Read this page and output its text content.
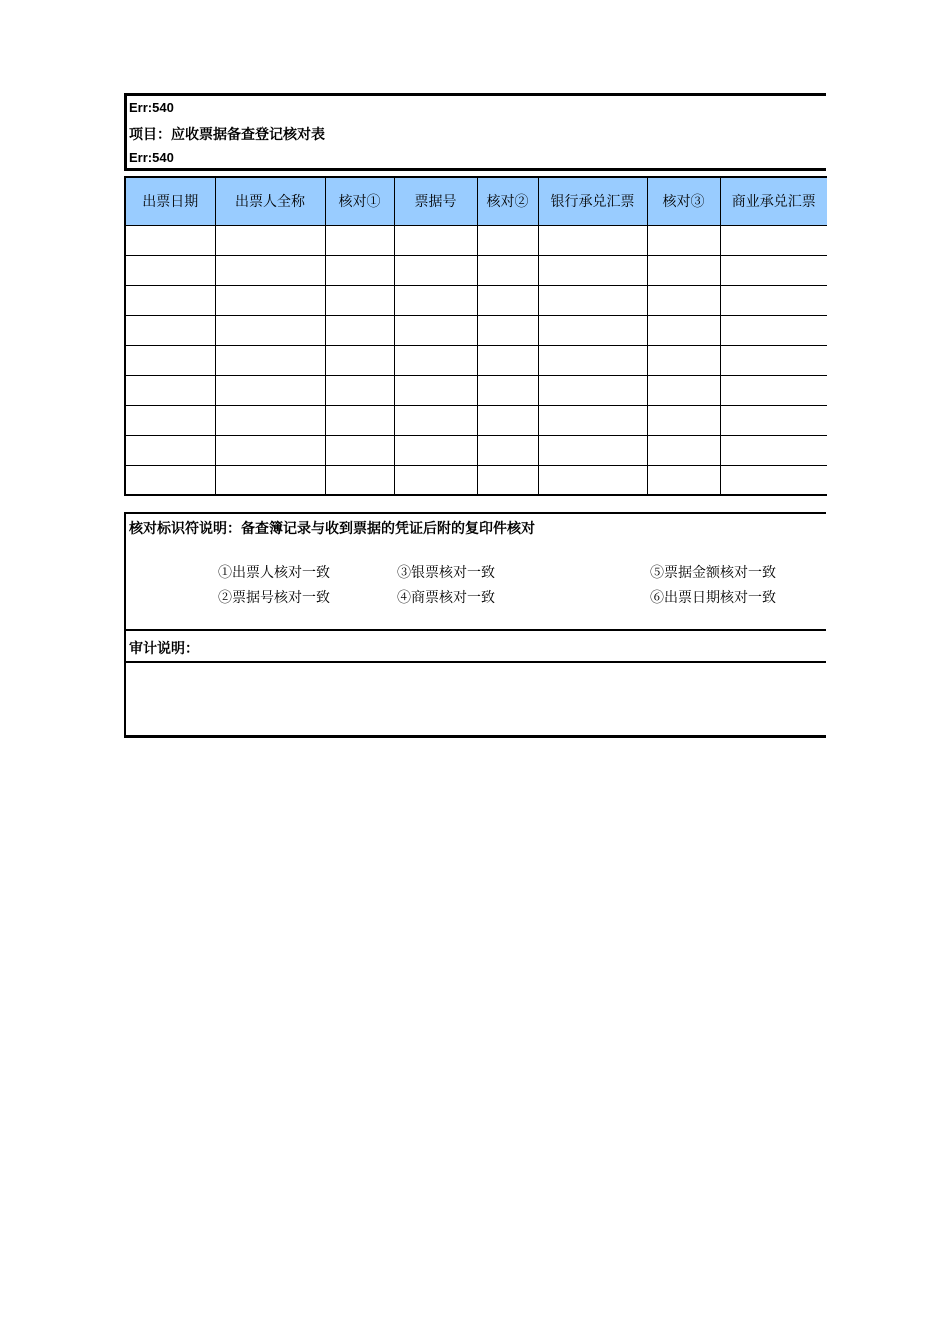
Err:540
项目：应收票据备查登记核对表
Err:540
出票日期	出票人全称	核对①	票据号	核对②	银行承兑汇票	核对③	商业承兑汇票

核对标识符说明：备查簿记录与收到票据的凭证后附的复印件核对
①出票人核对一致
②票据号核对一致
③银票核对一致
④商票核对一致
⑤票据金额核对一致
⑥出票日期核对一致
审计说明：
